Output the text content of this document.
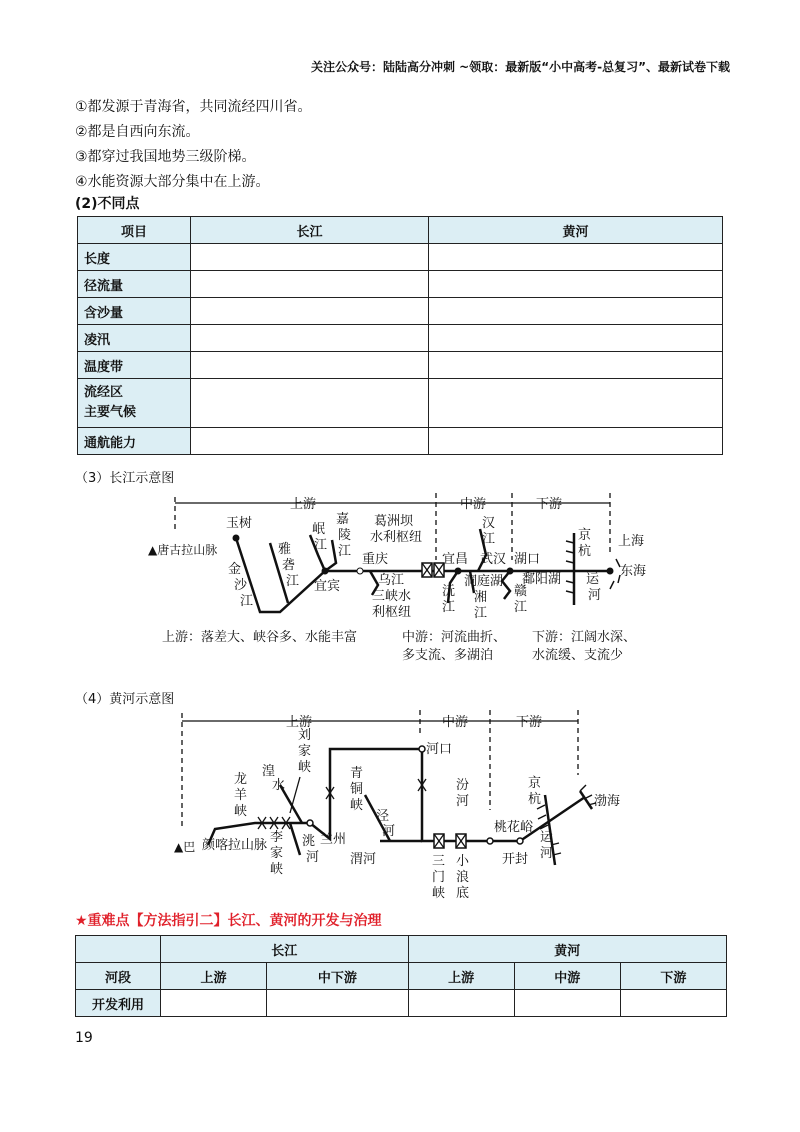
关注公众号：陆陆高分冲刺 ~领取：最新版“小中高考-总复习”、最新试卷下载
①都发源于青海省，共同流经四川省。
②都是自西向东流。
③都穿过我国地势三级阶梯。
④水能资源大部分集中在上游。
(2)不同点
项目	长江	黄河
长度		
径流量		
含沙量		
凌汛		
温度带		

流经区
主要气候		

通航能力		
（3）长江示意图
上游	中游	下游
▲唐古拉山脉
玉树
金
沙
江
雅
砻
江
岷
江
嘉
陵
江
宜宾
重庆
葛洲坝
水利枢纽
乌江
三峡水
利枢纽
宜昌
汉
江
武汉
洞庭湖
沅
江
湘
江
湖口
鄱阳湖
赣
江
京
杭
运
河
上海
东海
上游：落差大、峡谷多、水能丰富	中游：河流曲折、
多支流、多湖泊
下游：江阔水深、
水流缓、支流少
（4）黄河示意图
上游	中游	下游
▲巴 颜喀拉山脉
龙
羊
峡
湟
水
刘
家
峡
李
家
峡
洮
河
兰州
青
铜
峡
泾
河
渭河
河口
汾
河
三
门
峡
小
浪
底
桃花峪
开封
京
杭
运
河
渤海
★重难点【方法指引二】长江、黄河的开发与治理
	长江		黄河		
河段	上游	中下游	上游	中游	下游
开发利用					
19
